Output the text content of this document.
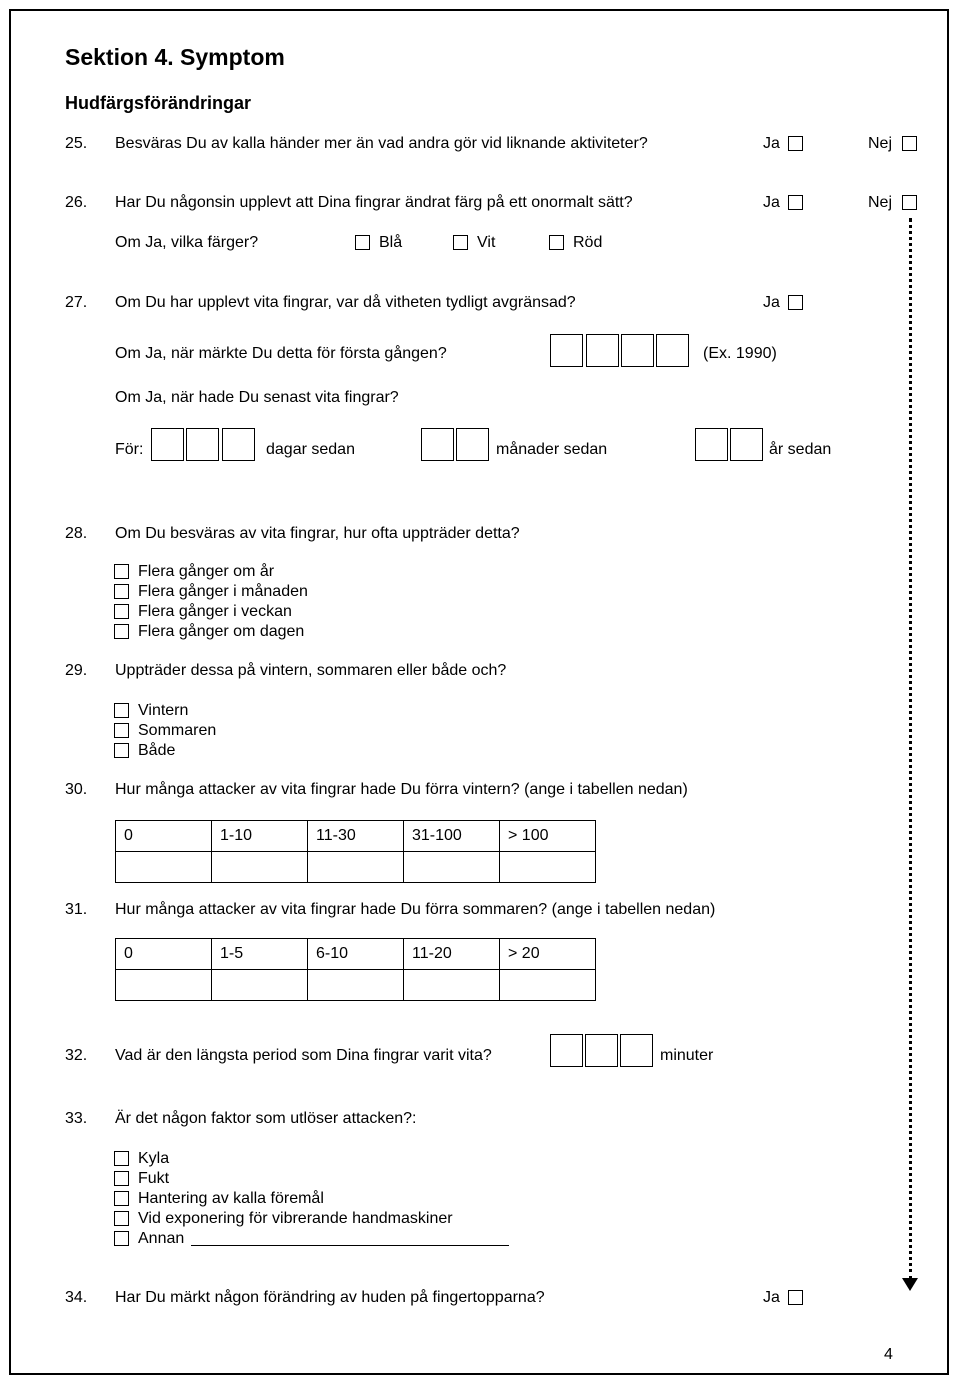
Sektion 4. Symptom
Hudfärgsförändringar
25. Besväras Du av kalla händer mer än vad andra gör vid liknande aktiviteter?	Ja	Nej
26. Har Du någonsin upplevt att Dina fingrar ändrat färg på ett onormalt sätt?	Ja	Nej
Om Ja, vilka färger?	Blå	Vit	Röd
27. Om Du har upplevt vita fingrar, var då vitheten tydligt avgränsad?	Ja
Om Ja, när märkte Du detta för första gången?	(Ex. 1990)
Om Ja, när hade Du senast vita fingrar?
För:	dagar sedan	månader sedan	år sedan
28. Om Du besväras av vita fingrar, hur ofta uppträder detta?
Flera gånger om år
Flera gånger i månaden
Flera gånger i veckan
Flera gånger om dagen
29. Uppträder dessa på vintern, sommaren eller både och?
Vintern
Sommaren
Både
30. Hur många attacker av vita fingrar hade Du förra vintern? (ange i tabellen nedan)
0	1-10	11-30	31-100	> 100

31. Hur många attacker av vita fingrar hade Du förra sommaren? (ange i tabellen nedan)
0	1-5	6-10	11-20	> 20

32. Vad är den längsta period som Dina fingrar varit vita?	minuter
33. Är det någon faktor som utlöser attacken?:
Kyla
Fukt
Hantering av kalla föremål
Vid exponering för vibrerande handmaskiner
Annan
34. Har Du märkt någon förändring av huden på fingertopparna?	Ja
4
